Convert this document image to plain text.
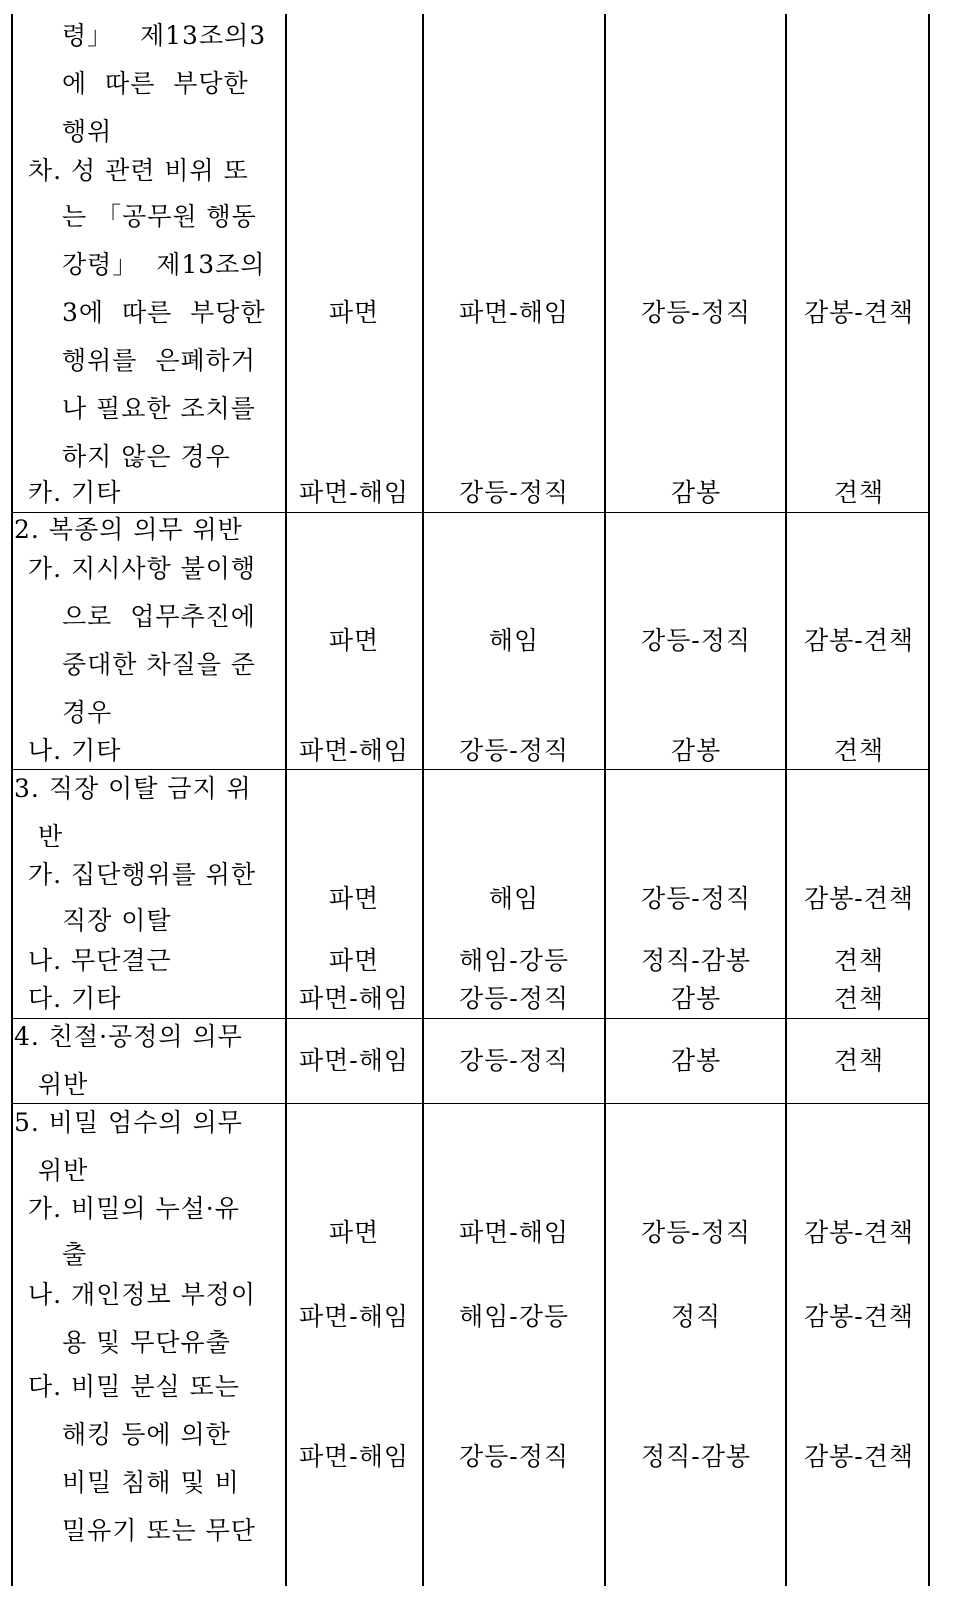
령」   제13조의3
에  따른  부당한
행위
차. 성 관련 비위 또
는 「공무원 행동
강령」  제13조의
3에  따른  부당한
행위를  은폐하거
나 필요한 조치를
하지 않은 경우
파면	파면-해임	강등-정직	감봉-견책
카. 기타	파면-해임	강등-정직	감봉	견책
2. 복종의 의무 위반
가. 지시사항 불이행
으로  업무추진에
중대한 차질을 준
경우
파면	해임	강등-정직	감봉-견책
나. 기타	파면-해임	강등-정직	감봉	견책
3. 직장 이탈 금지 위
반
가. 집단행위를 위한
직장 이탈
파면	해임	강등-정직	감봉-견책
나. 무단결근	파면	해임-강등	정직-감봉	견책
다. 기타	파면-해임	강등-정직	감봉	견책
4. 친절·공정의 의무
위반
파면-해임	강등-정직	감봉	견책
5. 비밀 엄수의 의무
위반
가. 비밀의 누설·유
출
파면	파면-해임	강등-정직	감봉-견책
나. 개인정보 부정이
용 및 무단유출
파면-해임	해임-강등	정직	감봉-견책
다. 비밀 분실 또는
해킹 등에 의한
비밀 침해 및 비
밀유기 또는 무단
파면-해임	강등-정직	정직-감봉	감봉-견책
